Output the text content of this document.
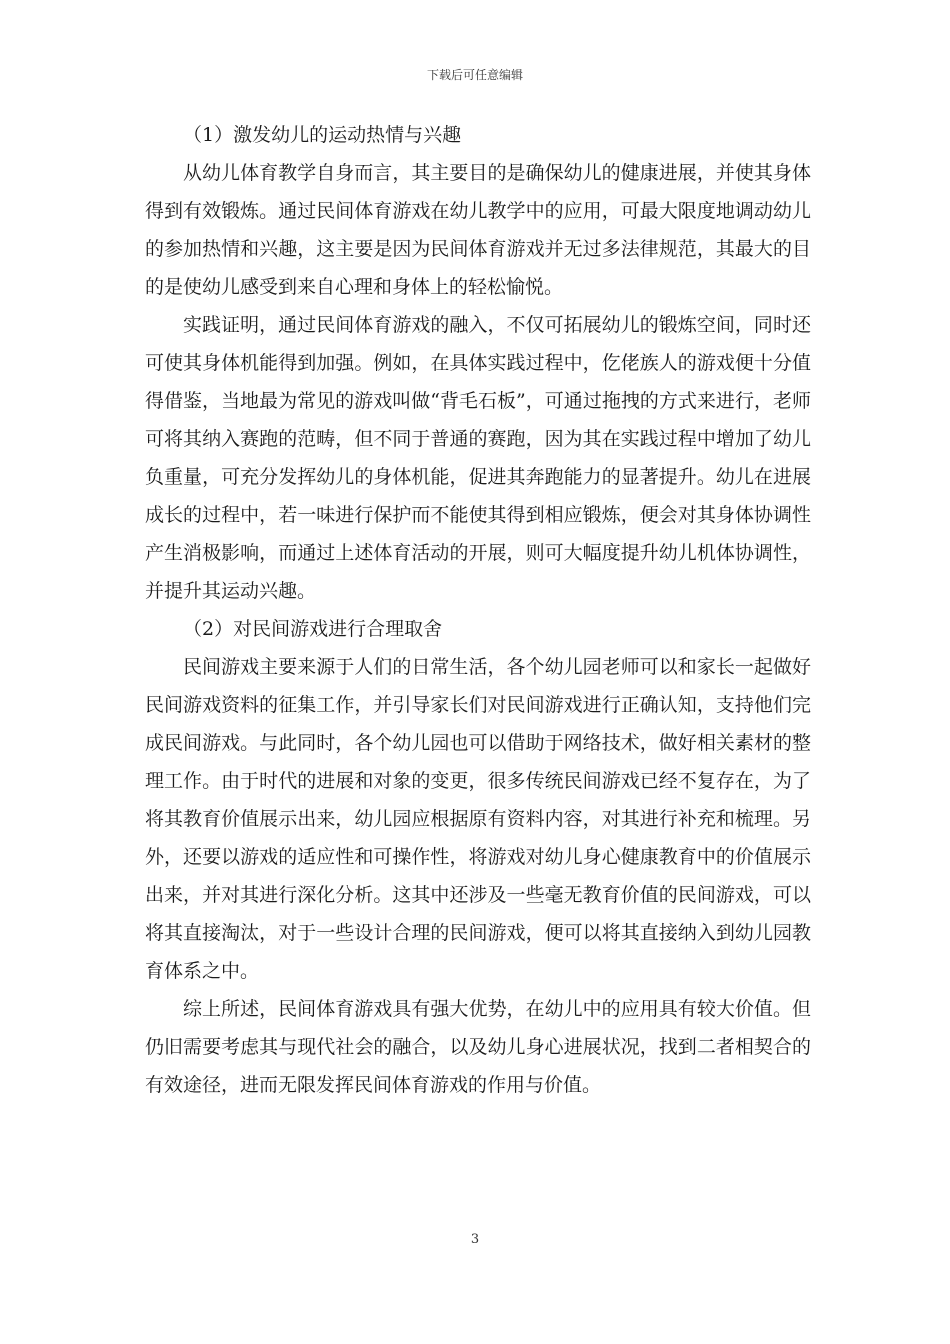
下载后可任意编辑

（1）激发幼儿的运动热情与兴趣

从幼儿体育教学自身而言，其主要目的是确保幼儿的健康进展，并使其身体得到有效锻炼。通过民间体育游戏在幼儿教学中的应用，可最大限度地调动幼儿的参加热情和兴趣，这主要是因为民间体育游戏并无过多法律规范，其最大的目的是使幼儿感受到来自心理和身体上的轻松愉悦。

实践证明，通过民间体育游戏的融入，不仅可拓展幼儿的锻炼空间，同时还可使其身体机能得到加强。例如，在具体实践过程中，仡佬族人的游戏便十分值得借鉴，当地最为常见的游戏叫做“背毛石板”，可通过拖拽的方式来进行，老师可将其纳入赛跑的范畴，但不同于普通的赛跑，因为其在实践过程中增加了幼儿负重量，可充分发挥幼儿的身体机能，促进其奔跑能力的显著提升。幼儿在进展成长的过程中，若一味进行保护而不能使其得到相应锻炼，便会对其身体协调性产生消极影响，而通过上述体育活动的开展，则可大幅度提升幼儿机体协调性，并提升其运动兴趣。

（2）对民间游戏进行合理取舍

民间游戏主要来源于人们的日常生活，各个幼儿园老师可以和家长一起做好民间游戏资料的征集工作，并引导家长们对民间游戏进行正确认知，支持他们完成民间游戏。与此同时，各个幼儿园也可以借助于网络技术，做好相关素材的整理工作。由于时代的进展和对象的变更，很多传统民间游戏已经不复存在，为了将其教育价值展示出来，幼儿园应根据原有资料内容，对其进行补充和梳理。另外，还要以游戏的适应性和可操作性，将游戏对幼儿身心健康教育中的价值展示出来，并对其进行深化分析。这其中还涉及一些毫无教育价值的民间游戏，可以将其直接淘汰，对于一些设计合理的民间游戏，便可以将其直接纳入到幼儿园教育体系之中。

综上所述，民间体育游戏具有强大优势，在幼儿中的应用具有较大价值。但仍旧需要考虑其与现代社会的融合，以及幼儿身心进展状况，找到二者相契合的有效途径，进而无限发挥民间体育游戏的作用与价值。

3
